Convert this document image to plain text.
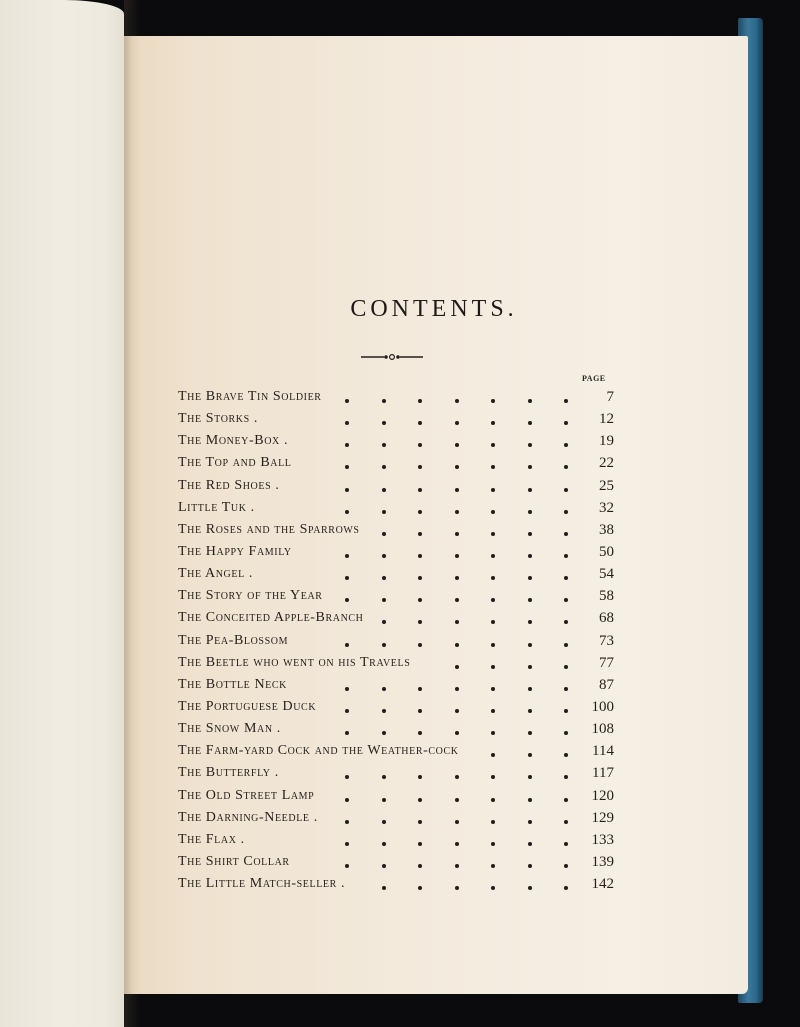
CONTENTS.
PAGE
The Brave Tin Soldier	7
The Storks .	12
The Money-Box .	19
The Top and Ball	22
The Red Shoes .	25
Little Tuk .	32
The Roses and the Sparrows	38
The Happy Family	50
The Angel .	54
The Story of the Year	58
The Conceited Apple-Branch	68
The Pea-Blossom	73
The Beetle who went on his Travels	77
The Bottle Neck	87
The Portuguese Duck	100
The Snow Man .	108
The Farm-yard Cock and the Weather-cock	114
The Butterfly .	117
The Old Street Lamp	120
The Darning-Needle .	129
The Flax .	133
The Shirt Collar	139
The Little Match-seller .	142
